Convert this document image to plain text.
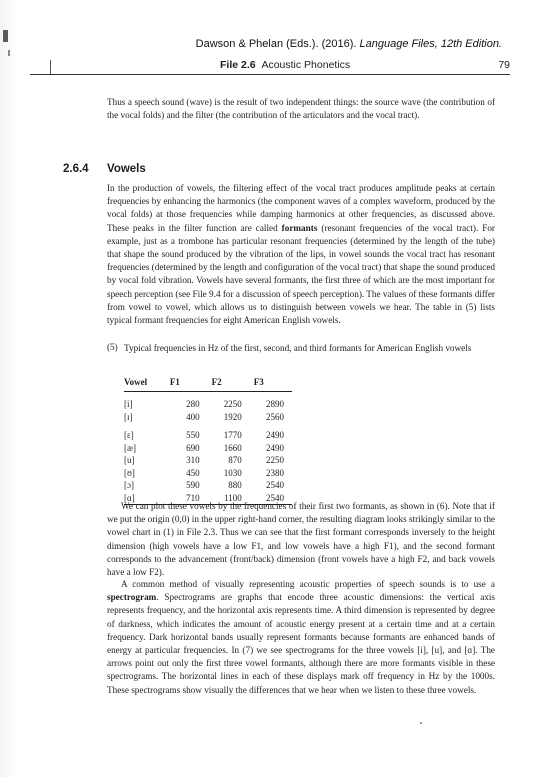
Dawson & Phelan (Eds.). (2016). Language Files, 12th Edition.
File 2.6 Acoustic Phonetics	79

Thus a speech sound (wave) is the result of two independent things: the source wave (the contribution of the vocal folds) and the filter (the contribution of the articulators and the vocal tract).

2.6.4 Vowels

In the production of vowels, the filtering effect of the vocal tract produces amplitude peaks at certain frequencies by enhancing the harmonics (the component waves of a complex waveform, produced by the vocal folds) at those frequencies while damping harmonics at other frequencies, as discussed above. These peaks in the filter function are called formants (resonant frequencies of the vocal tract). For example, just as a trombone has particular resonant frequencies (determined by the length of the tube) that shape the sound produced by the vibration of the lips, in vowel sounds the vocal tract has resonant frequencies (determined by the length and configuration of the vocal tract) that shape the sound produced by vocal fold vibration. Vowels have several formants, the first three of which are the most important for speech perception (see File 9.4 for a discussion of speech perception). The values of these formants differ from vowel to vowel, which allows us to distinguish between vowels we hear. The table in (5) lists typical formant frequencies for eight American English vowels.

(5) Typical frequencies in Hz of the first, second, and third formants for American English vowels
Vowel	F1	F2	F3
[i]	280	2250	2890
[ɪ]	400	1920	2560
[ɛ]	550	1770	2490
[æ]	690	1660	2490
[u]	310	870	2250
[ʊ]	450	1030	2380
[ɔ]	590	880	2540
[ɑ]	710	1100	2540

We can plot these vowels by the frequencies of their first two formants, as shown in (6). Note that if we put the origin (0,0) in the upper right-hand corner, the resulting diagram looks strikingly similar to the vowel chart in (1) in File 2.3. Thus we can see that the first formant corresponds inversely to the height dimension (high vowels have a low F1, and low vowels have a high F1), and the second formant corresponds to the advancement (front/back) dimension (front vowels have a high F2, and back vowels have a low F2).

A common method of visually representing acoustic properties of speech sounds is to use a spectrogram. Spectrograms are graphs that encode three acoustic dimensions: the vertical axis represents frequency, and the horizontal axis represents time. A third dimension is represented by degree of darkness, which indicates the amount of acoustic energy present at a certain time and at a certain frequency. Dark horizontal bands usually represent formants because formants are enhanced bands of energy at particular frequencies. In (7) we see spectrograms for the three vowels [i], [u], and [ɑ]. The arrows point out only the first three vowel formants, although there are more formants visible in these spectrograms. The horizontal lines in each of these displays mark off frequency in Hz by the 1000s. These spectrograms show visually the differences that we hear when we listen to these three vowels.
